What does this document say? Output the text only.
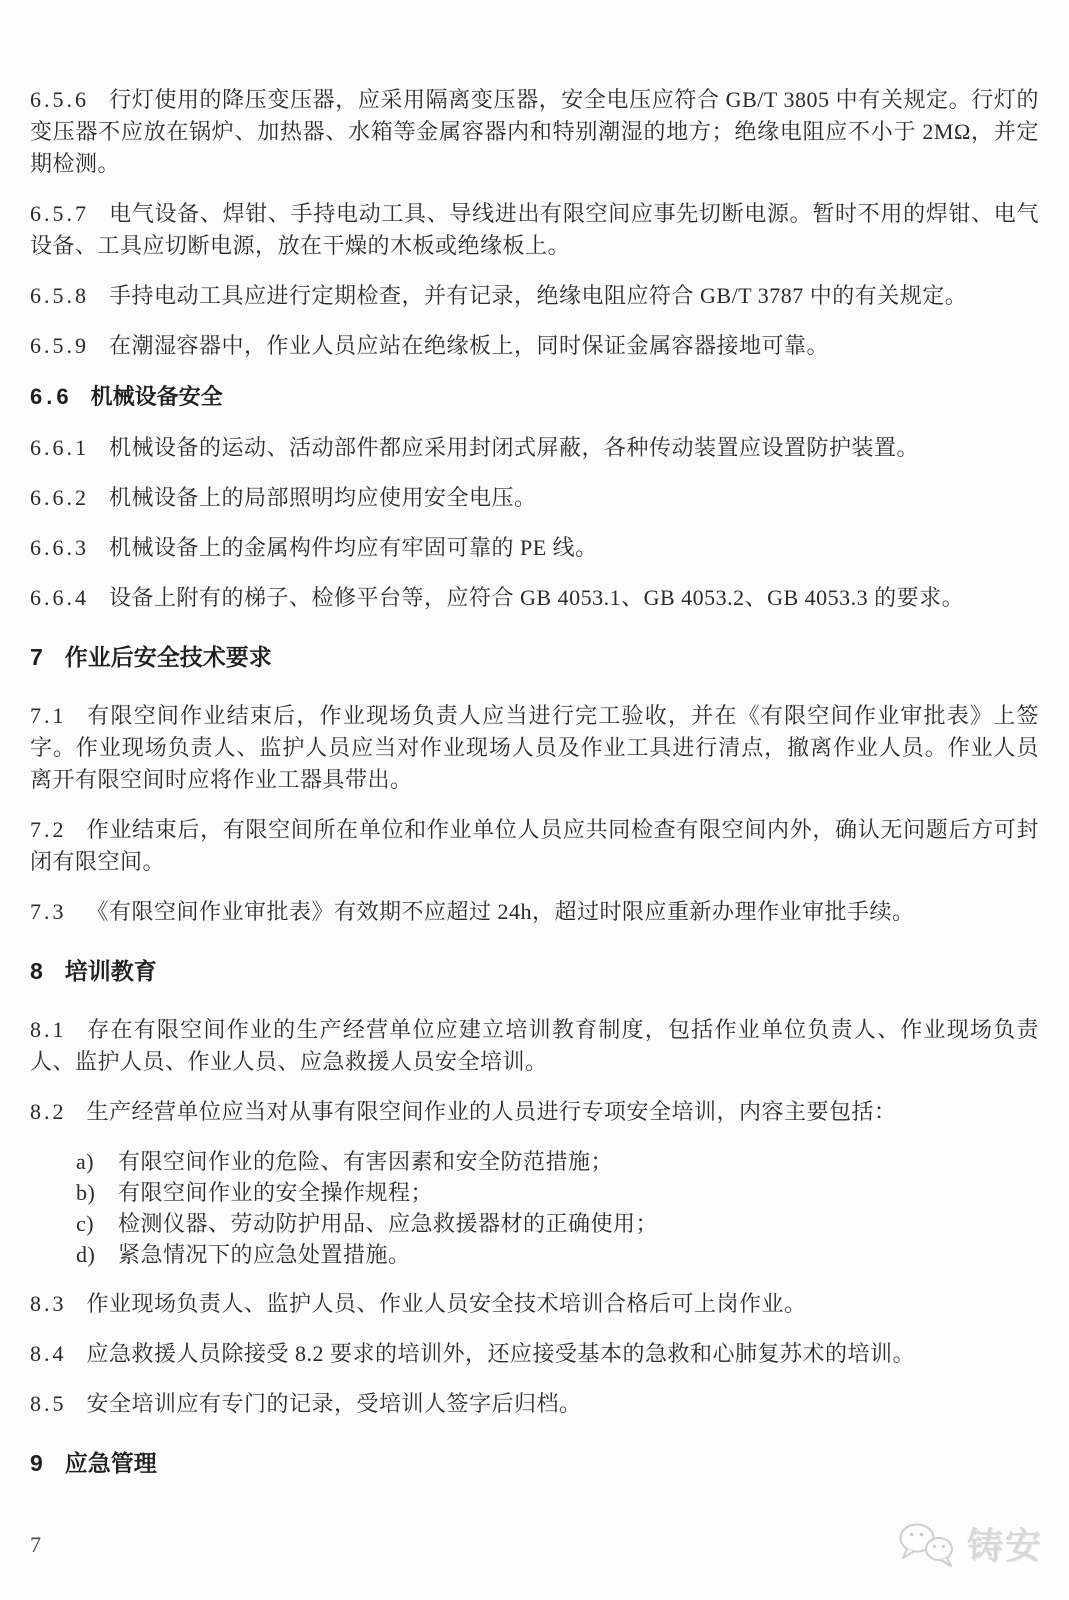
6.5.6 行灯使用的降压变压器，应采用隔离变压器，安全电压应符合 GB/T 3805 中有关规定。行灯的变压器不应放在锅炉、加热器、水箱等金属容器内和特别潮湿的地方；绝缘电阻应不小于 2MΩ，并定期检测。

6.5.7 电气设备、焊钳、手持电动工具、导线进出有限空间应事先切断电源。暂时不用的焊钳、电气设备、工具应切断电源，放在干燥的木板或绝缘板上。

6.5.8 手持电动工具应进行定期检查，并有记录，绝缘电阻应符合 GB/T 3787 中的有关规定。

6.5.9 在潮湿容器中，作业人员应站在绝缘板上，同时保证金属容器接地可靠。

6.6 机械设备安全

6.6.1 机械设备的运动、活动部件都应采用封闭式屏蔽，各种传动装置应设置防护装置。

6.6.2 机械设备上的局部照明均应使用安全电压。

6.6.3 机械设备上的金属构件均应有牢固可靠的 PE 线。

6.6.4 设备上附有的梯子、检修平台等，应符合 GB 4053.1、GB 4053.2、GB 4053.3 的要求。

7 作业后安全技术要求

7.1 有限空间作业结束后，作业现场负责人应当进行完工验收，并在《有限空间作业审批表》上签字。作业现场负责人、监护人员应当对作业现场人员及作业工具进行清点，撤离作业人员。作业人员离开有限空间时应将作业工器具带出。

7.2 作业结束后，有限空间所在单位和作业单位人员应共同检查有限空间内外，确认无问题后方可封闭有限空间。

7.3 《有限空间作业审批表》有效期不应超过 24h，超过时限应重新办理作业审批手续。

8 培训教育

8.1 存在有限空间作业的生产经营单位应建立培训教育制度，包括作业单位负责人、作业现场负责人、监护人员、作业人员、应急救援人员安全培训。

8.2 生产经营单位应当对从事有限空间作业的人员进行专项安全培训，内容主要包括：

a) 有限空间作业的危险、有害因素和安全防范措施；

b) 有限空间作业的安全操作规程；

c) 检测仪器、劳动防护用品、应急救援器材的正确使用；

d) 紧急情况下的应急处置措施。

8.3 作业现场负责人、监护人员、作业人员安全技术培训合格后可上岗作业。

8.4 应急救援人员除接受 8.2 要求的培训外，还应接受基本的急救和心肺复苏术的培训。

8.5 安全培训应有专门的记录，受培训人签字后归档。

9 应急管理
7	铸安
